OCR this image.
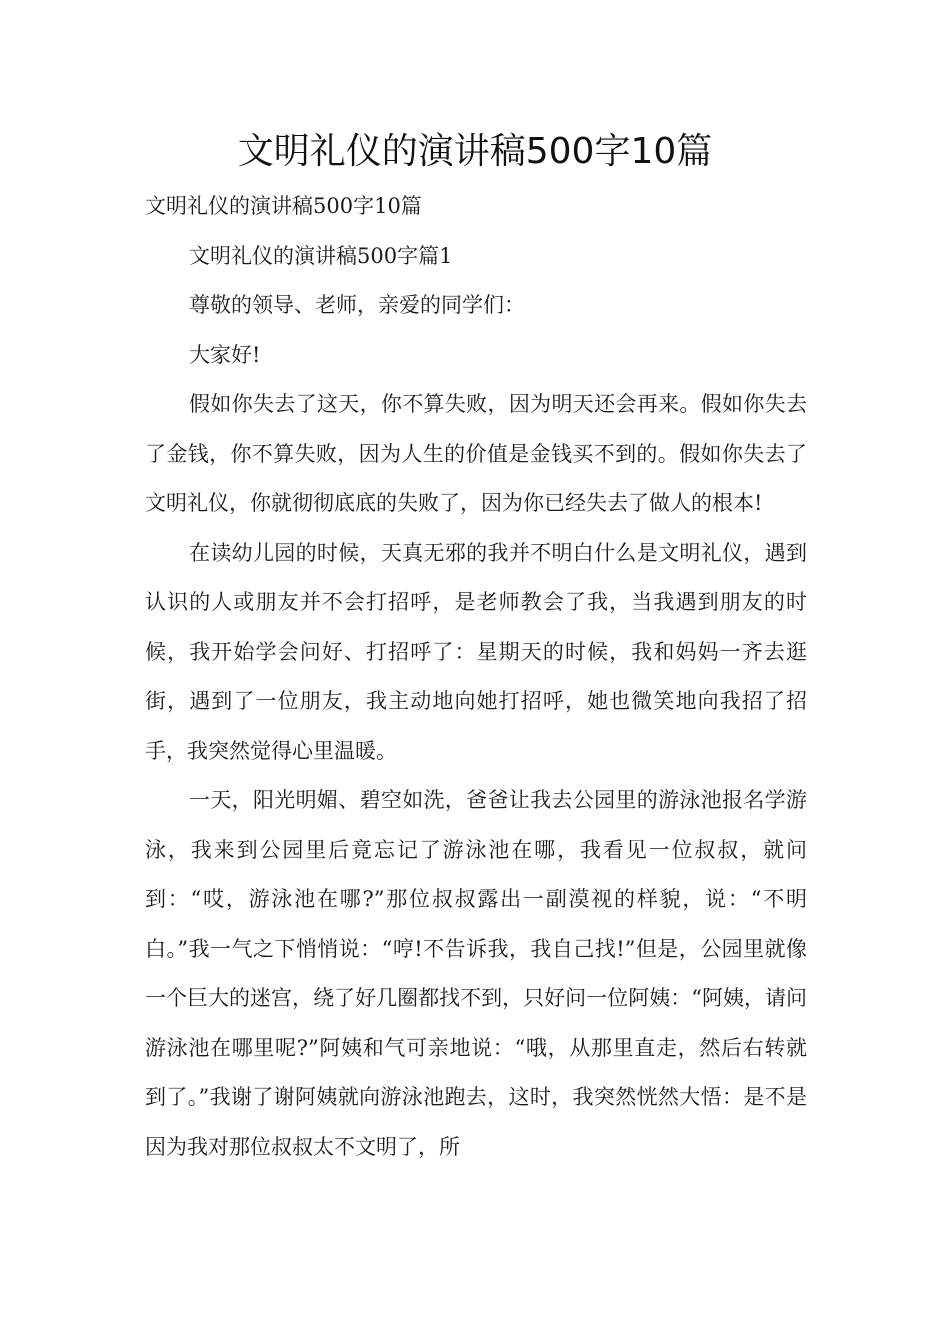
文明礼仪的演讲稿500字10篇

文明礼仪的演讲稿500字10篇

文明礼仪的演讲稿500字篇1

尊敬的领导、老师，亲爱的同学们：

大家好!

假如你失去了这天，你不算失败，因为明天还会再来。假如你失去了金钱，你不算失败，因为人生的价值是金钱买不到的。假如你失去了文明礼仪，你就彻彻底底的失败了，因为你已经失去了做人的根本!

在读幼儿园的时候，天真无邪的我并不明白什么是文明礼仪，遇到认识的人或朋友并不会打招呼，是老师教会了我，当我遇到朋友的时候，我开始学会问好、打招呼了：星期天的时候，我和妈妈一齐去逛街，遇到了一位朋友，我主动地向她打招呼，她也微笑地向我招了招手，我突然觉得心里温暖。

一天，阳光明媚、碧空如洗，爸爸让我去公园里的游泳池报名学游泳，我来到公园里后竟忘记了游泳池在哪，我看见一位叔叔，就问到：“哎，游泳池在哪?”那位叔叔露出一副漠视的样貌，说：“不明白。”我一气之下悄悄说：“哼!不告诉我，我自己找!”但是，公园里就像一个巨大的迷宫，绕了好几圈都找不到，只好问一位阿姨：“阿姨，请问游泳池在哪里呢?”阿姨和气可亲地说：“哦，从那里直走，然后右转就到了。”我谢了谢阿姨就向游泳池跑去，这时，我突然恍然大悟：是不是因为我对那位叔叔太不文明了，所
